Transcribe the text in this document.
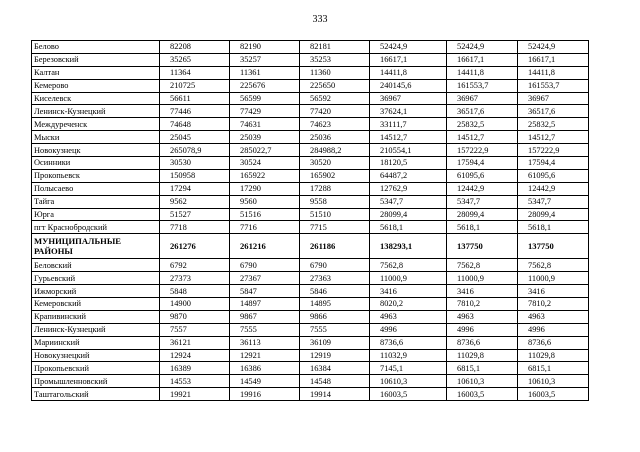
333
Белово	82208	82190	82181	52424,9	52424,9	52424,9
Березовский	35265	35257	35253	16617,1	16617,1	16617,1
Калтан	11364	11361	11360	14411,8	14411,8	14411,8
Кемерово	210725	225676	225650	240145,6	161553,7	161553,7
Киселевск	56611	56599	56592	36967	36967	36967
Ленинск-Кузнецкий	77446	77429	77420	37624,1	36517,6	36517,6
Междуреченск	74648	74631	74623	33111,7	25832,5	25832,5
Мыски	25045	25039	25036	14512,7	14512,7	14512,7
Новокузнецк	265078,9	285022,7	284988,2	210554,1	157222,9	157222,9
Осинники	30530	30524	30520	18120,5	17594,4	17594,4
Прокопьевск	150958	165922	165902	64487,2	61095,6	61095,6
Полысаево	17294	17290	17288	12762,9	12442,9	12442,9
Тайга	9562	9560	9558	5347,7	5347,7	5347,7
Юрга	51527	51516	51510	28099,4	28099,4	28099,4
пгт Краснобродский	7718	7716	7715	5618,1	5618,1	5618,1
МУНИЦИПАЛЬНЫЕ РАЙОНЫ	261276	261216	261186	138293,1	137750	137750
Беловский	6792	6790	6790	7562,8	7562,8	7562,8
Гурьевский	27373	27367	27363	11000,9	11000,9	11000,9
Ижморский	5848	5847	5846	3416	3416	3416
Кемеровский	14900	14897	14895	8020,2	7810,2	7810,2
Крапивинский	9870	9867	9866	4963	4963	4963
Ленинск-Кузнецкий	7557	7555	7555	4996	4996	4996
Мариинский	36121	36113	36109	8736,6	8736,6	8736,6
Новокузнецкий	12924	12921	12919	11032,9	11029,8	11029,8
Прокопьевский	16389	16386	16384	7145,1	6815,1	6815,1
Промышленновский	14553	14549	14548	10610,3	10610,3	10610,3
Таштагольский	19921	19916	19914	16003,5	16003,5	16003,5
